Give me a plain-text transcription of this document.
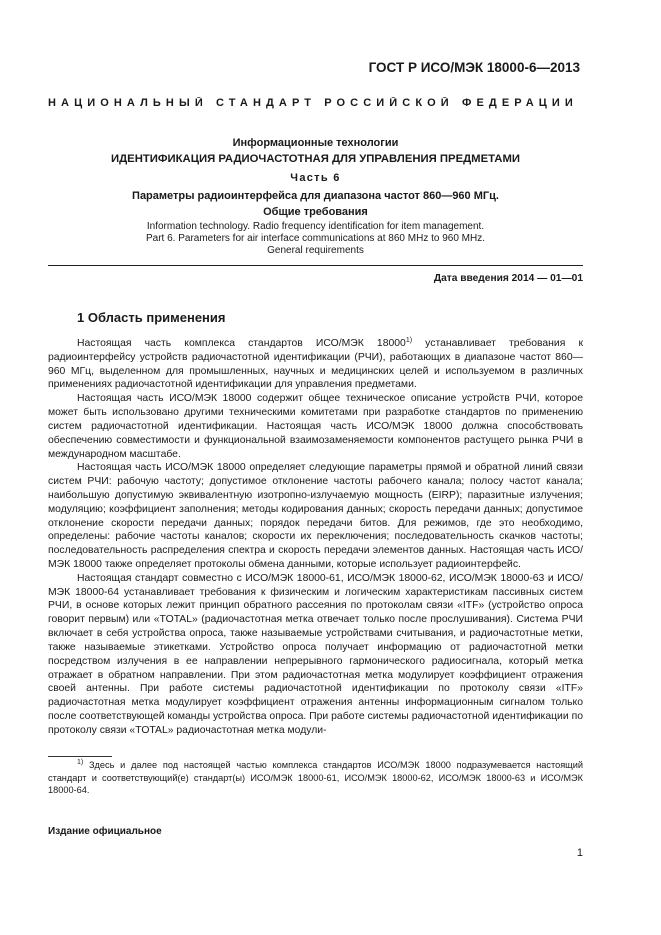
ГОСТ Р ИСО/МЭК 18000-6—2013
НАЦИОНАЛЬНЫЙ СТАНДАРТ РОССИЙСКОЙ ФЕДЕРАЦИИ
Информационные технологии
ИДЕНТИФИКАЦИЯ РАДИОЧАСТОТНАЯ ДЛЯ УПРАВЛЕНИЯ ПРЕДМЕТАМИ
Часть 6
Параметры радиоинтерфейса для диапазона частот 860—960 МГц.
Общие требования
Information technology. Radio frequency identification for item management.
Part 6. Parameters for air interface communications at 860 MHz to 960 MHz.
General requirements
Дата введения 2014 — 01—01
1 Область применения

Настоящая часть комплекса стандартов ИСО/МЭК 18000$^{1)}$ устанавливает требования к радиоинтерфейсу устройств радиочастотной идентификации (РЧИ), работающих в диапазоне частот 860—960 МГц, выделенном для промышленных, научных и медицинских целей и используемом в различных применениях радиочастотной идентификации для управления предметами.

Настоящая часть ИСО/МЭК 18000 содержит общее техническое описание устройств РЧИ, которое может быть использовано другими техническими комитетами при разработке стандартов по применению систем радиочастотной идентификации. Настоящая часть ИСО/МЭК 18000 должна способствовать обеспечению совместимости и функциональной взаимозаменяемости компонентов растущего рынка РЧИ в международном масштабе.

Настоящая часть ИСО/МЭК 18000 определяет следующие параметры прямой и обратной линий связи систем РЧИ: рабочую частоту; допустимое отклонение частоты рабочего канала; полосу частот канала; наибольшую допустимую эквивалентную изотропно-излучаемую мощность (EIRP); паразитные излучения; модуляцию; коэффициент заполнения; методы кодирования данных; скорость передачи данных; допустимое отклонение скорости передачи данных; порядок передачи битов. Для режимов, где это необходимо, определены: рабочие частоты каналов; скорости их переключения; последовательность скачков частоты; последовательность распределения спектра и скорость передачи элементов данных. Настоящая часть ИСО/МЭК 18000 также определяет протоколы обмена данными, которые использует радиоинтерфейс.

Настоящая стандарт совместно с ИСО/МЭК 18000-61, ИСО/МЭК 18000-62, ИСО/МЭК 18000-63 и ИСО/МЭК 18000-64 устанавливает требования к физическим и логическим характеристикам пассивных систем РЧИ, в основе которых лежит принцип обратного рассеяния по протоколам связи «ITF» (устройство опроса говорит первым) или «TOTAL» (радиочастотная метка отвечает только после прослушивания). Система РЧИ включает в себя устройства опроса, также называемые устройствами считывания, и радиочастотные метки, также называемые этикетками. Устройство опроса получает информацию от радиочастотной метки посредством излучения в ее направлении непрерывного гармонического радиосигнала, который метка отражает в обратном направлении. При этом радиочастотная метка модулирует коэффициент отражения своей антенны. При работе системы радиочастотной идентификации по протоколу связи «ITF» радиочастотная метка модулирует коэффициент отражения антенны информационным сигналом только после соответствующей команды устройства опроса. При работе системы радиочастотной идентификации по протоколу связи «TOTAL» радиочастотная метка модули-

$^{1)}$ Здесь и далее под настоящей частью комплекса стандартов ИСО/МЭК 18000 подразумевается настоящий стандарт и соответствующий(е) стандарт(ы) ИСО/МЭК 18000-61, ИСО/МЭК 18000-62, ИСО/МЭК 18000-63 и ИСО/МЭК 18000-64.
Издание официальное
1
